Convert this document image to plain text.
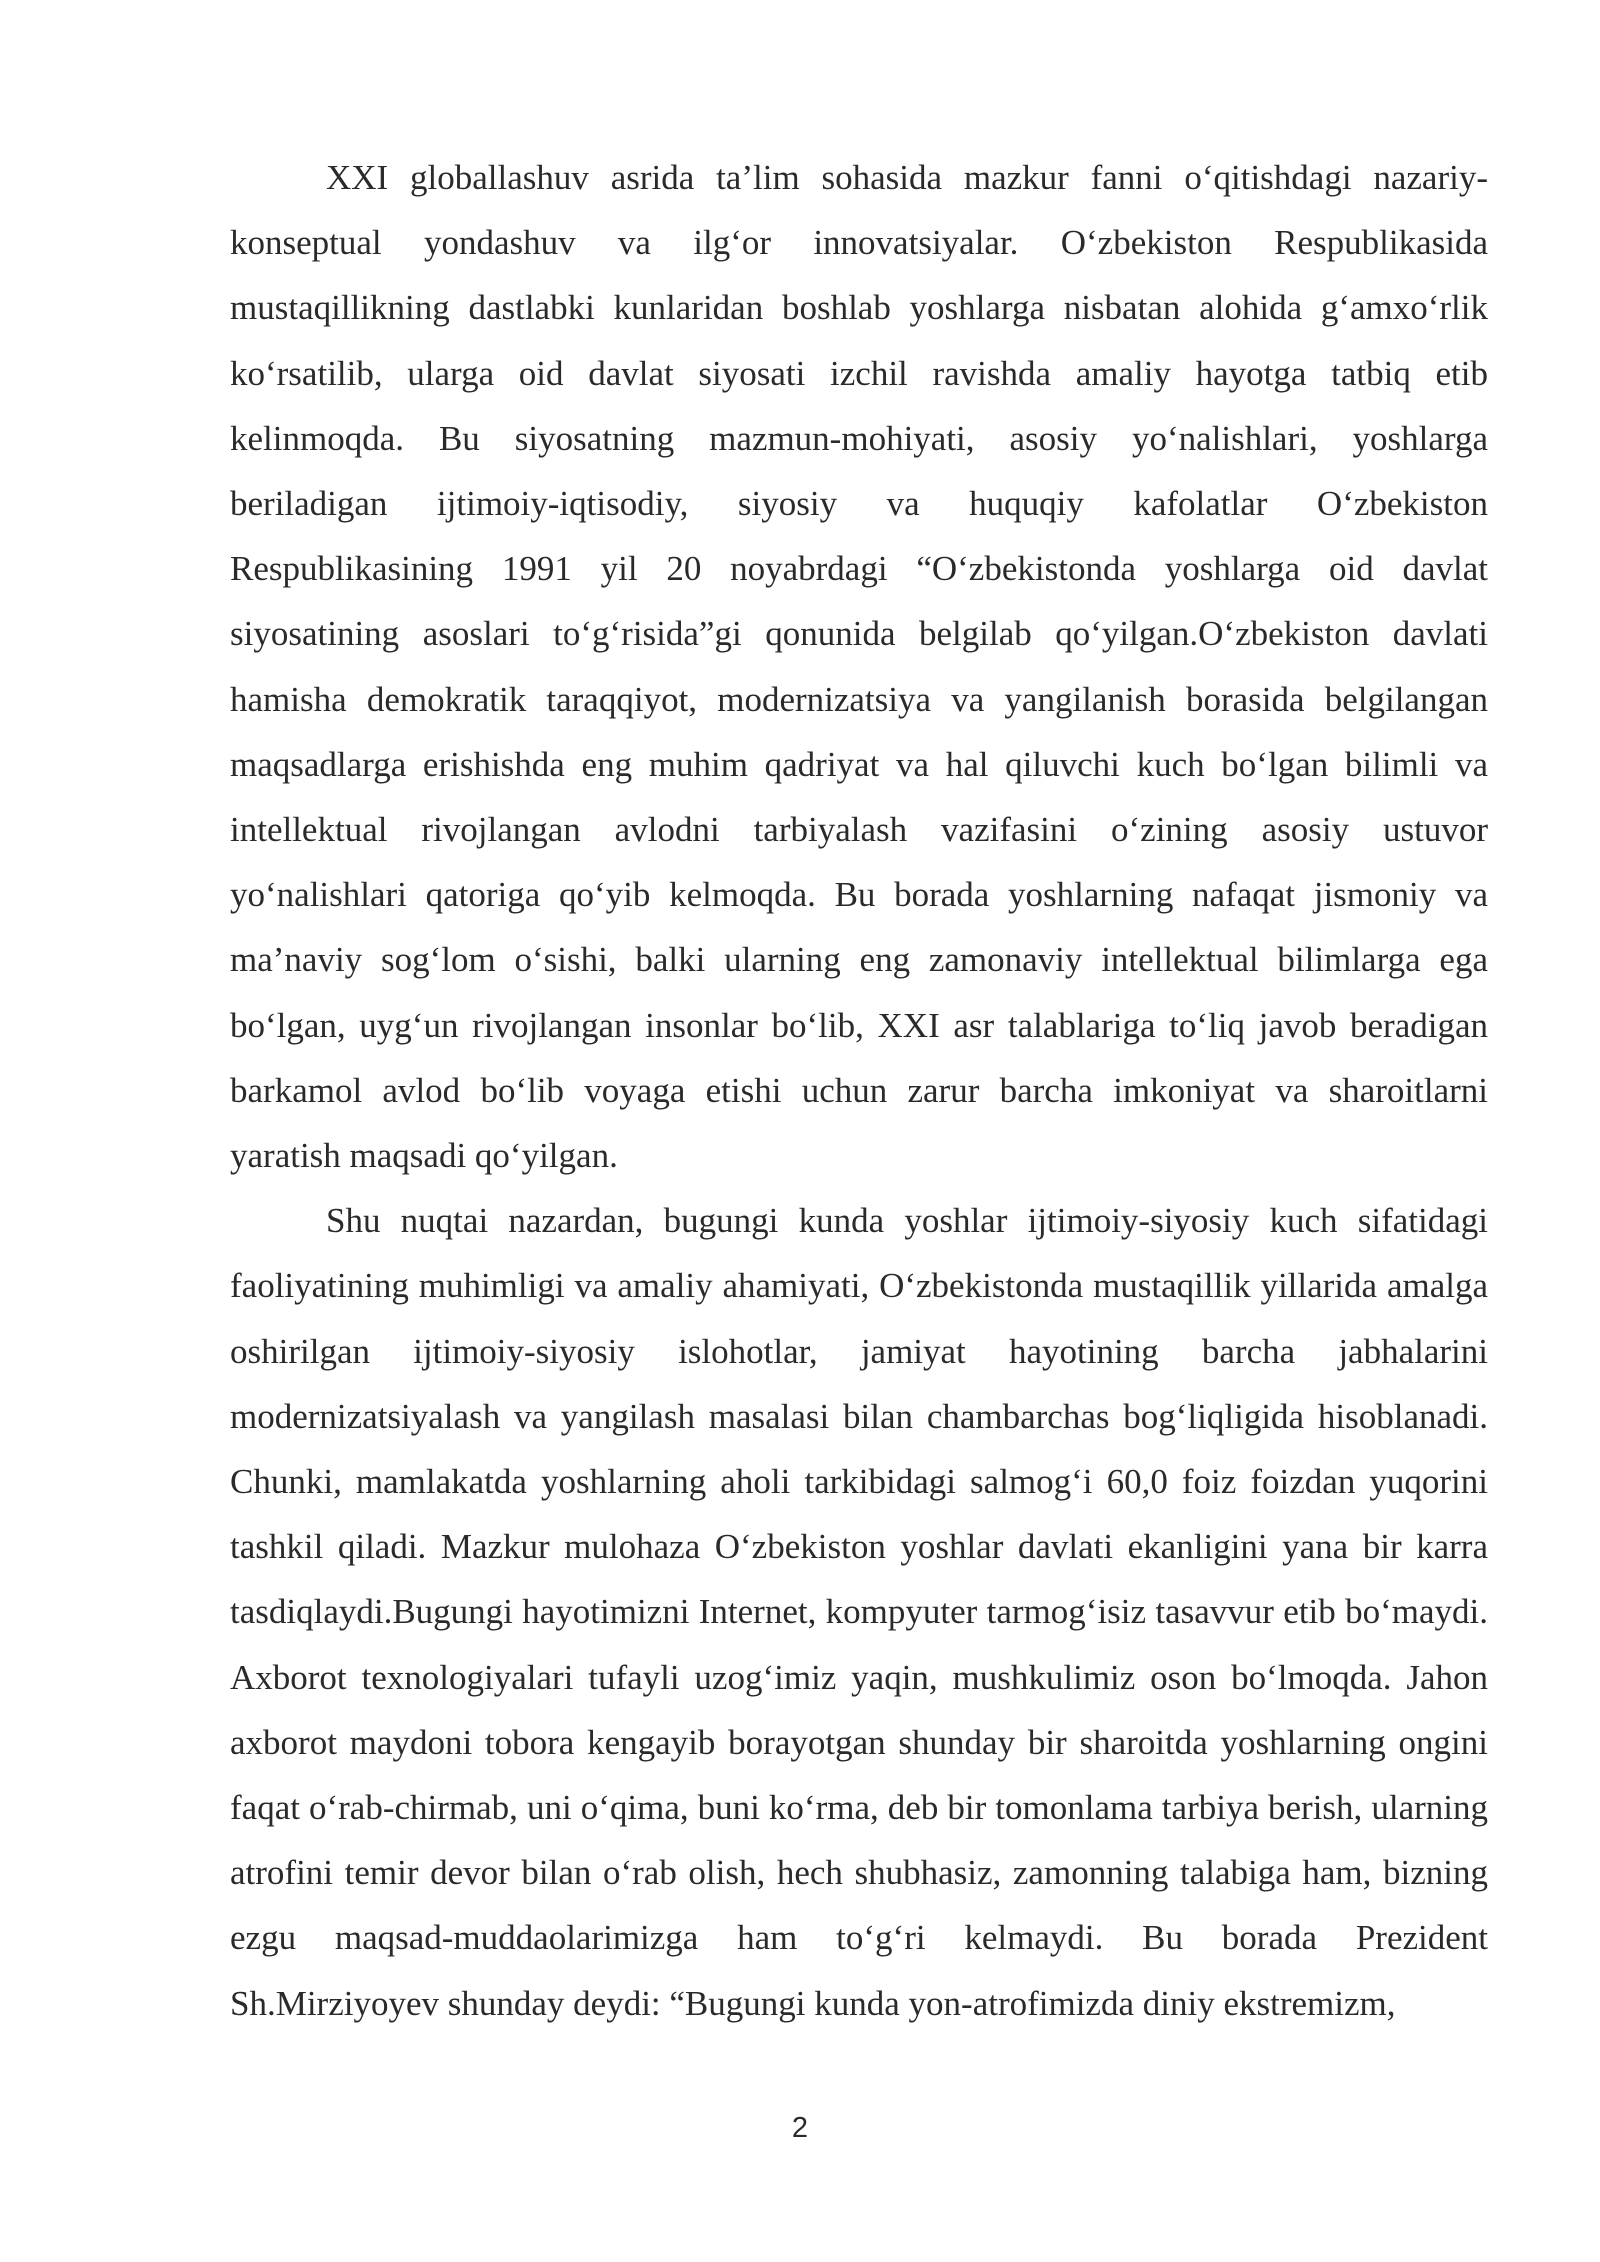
XXI globallashuv asrida ta’lim sohasida mazkur fanni o‘qitishdagi nazariy-konseptual yondashuv va ilg‘or innovatsiyalar. O‘zbekiston Respublikasida mustaqillikning dastlabki kunlaridan boshlab yoshlarga nisbatan alohida g‘amxo‘rlik ko‘rsatilib, ularga oid davlat siyosati izchil ravishda amaliy hayotga tatbiq etib kelinmoqda. Bu siyosatning mazmun-mohiyati, asosiy yo‘nalishlari, yoshlarga beriladigan ijtimoiy-iqtisodiy, siyosiy va huquqiy kafolatlar O‘zbekiston Respublikasining 1991 yil 20 noyabrdagi “O‘zbekistonda yoshlarga oid davlat siyosatining asoslari to‘g‘risida”gi qonunida belgilab qo‘yilgan.O‘zbekiston davlati hamisha demokratik taraqqiyot, modernizatsiya va yangilanish borasida belgilangan maqsadlarga erishishda eng muhim qadriyat va hal qiluvchi kuch bo‘lgan bilimli va intellektual rivojlangan avlodni tarbiyalash vazifasini o‘zining asosiy ustuvor yo‘nalishlari qatoriga qo‘yib kelmoqda. Bu borada yoshlarning nafaqat jismoniy va ma’naviy sog‘lom o‘sishi, balki ularning eng zamonaviy intellektual bilimlarga ega bo‘lgan, uyg‘un rivojlangan insonlar bo‘lib, XXI asr talablariga to‘liq javob beradigan barkamol avlod bo‘lib voyaga etishi uchun zarur barcha imkoniyat va sharoitlarni yaratish maqsadi qo‘yilgan.

Shu nuqtai nazardan, bugungi kunda yoshlar ijtimoiy-siyosiy kuch sifatidagi faoliyatining muhimligi va amaliy ahamiyati, O‘zbekistonda mustaqillik yillarida amalga oshirilgan ijtimoiy-siyosiy islohotlar, jamiyat hayotining barcha jabhalarini modernizatsiyalash va yangilash masalasi bilan chambarchas bog‘liqligida hisoblanadi. Chunki, mamlakatda yoshlarning aholi tarkibidagi salmog‘i 60,0 foiz foizdan yuqorini tashkil qiladi. Mazkur mulohaza O‘zbekiston yoshlar davlati ekanligini yana bir karra tasdiqlaydi.Bugungi hayotimizni Internet, kompyuter tarmog‘isiz tasavvur etib bo‘maydi. Axborot texnologiyalari tufayli uzog‘imiz yaqin, mushkulimiz oson bo‘lmoqda. Jahon axborot maydoni tobora kengayib borayotgan shunday bir sharoitda yoshlarning ongini faqat o‘rab-chirmab, uni o‘qima, buni ko‘rma, deb bir tomonlama tarbiya berish, ularning atrofini temir devor bilan o‘rab olish, hech shubhasiz, zamonning talabiga ham, bizning ezgu maqsad-muddaolarimizga ham to‘g‘ri kelmaydi. Bu borada Prezident Sh.Mirziyoyev shunday deydi: “Bugungi kunda yon-atrofimizda diniy ekstremizm,

2
